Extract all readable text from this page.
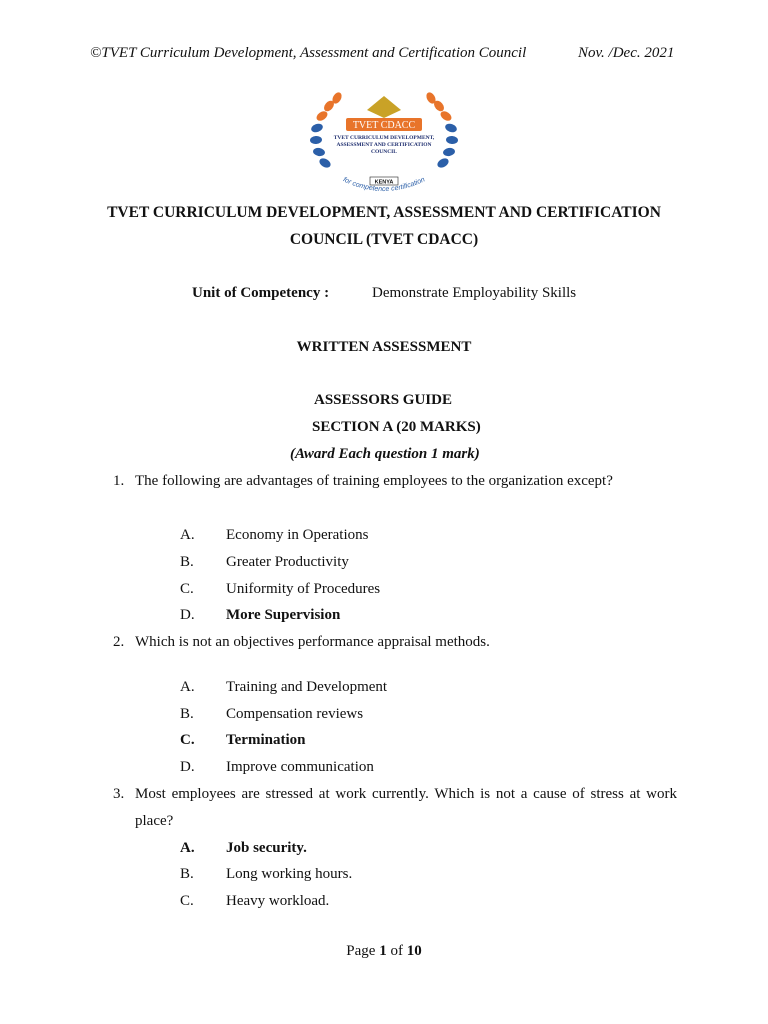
©TVET Curriculum Development, Assessment and Certification Council	Nov. /Dec. 2021
TVET CDACC
TVET CURRICULUM DEVELOPMENT,
ASSESSMENT AND CERTIFICATION
COUNCIL
KENYA
for competence certification
TVET CURRICULUM DEVELOPMENT, ASSESSMENT AND CERTIFICATION
COUNCIL (TVET CDACC)
Unit of Competency :	Demonstrate Employability Skills
WRITTEN ASSESSMENT
ASSESSORS GUIDE
SECTION A (20 MARKS)
(Award Each question 1 mark)
1. The following are advantages of training employees to the organization except?
A. Economy in Operations
B. Greater Productivity
C. Uniformity of Procedures
D. More Supervision
2. Which is not an objectives performance appraisal methods.
A. Training and Development
B. Compensation reviews
C. Termination
D. Improve communication
3. Most employees are stressed at work currently. Which is not a cause of stress at work place?
A. Job security.
B. Long working hours.
C. Heavy workload.
Page 1 of 10
